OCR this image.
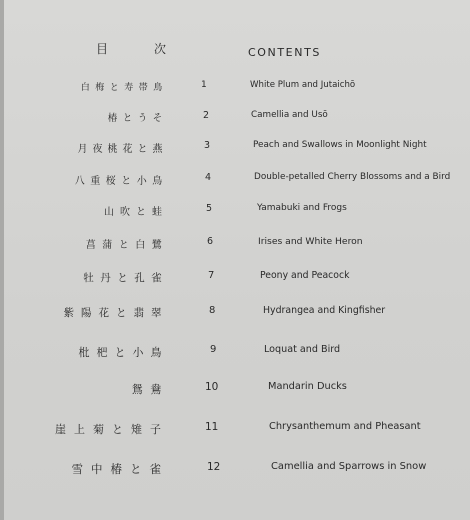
目	次	CONTENTS
白 梅 と 寿 帯 鳥	1	White Plum and Jutaichō
椿 と う そ	2	Camellia and Usō
月 夜 桃 花 と 燕	3	Peach and Swallows in Moonlight Night
八 重 桜 と 小 鳥	4	Double-petalled Cherry Blossoms and a Bird
山 吹 と 蛙	5	Yamabuki and Frogs
菖 蒲 と 白 鷺	6	Irises and White Heron
牡 丹 と 孔 雀	7	Peony and Peacock
紫 陽 花 と 翡 翠	8	Hydrangea and Kingfisher
枇 杷 と 小 鳥	9	Loquat and Bird
鴛 鴦	10	Mandarin Ducks
崖 上 菊 と 雉 子	11	Chrysanthemum and Pheasant
雪 中 椿 と 雀	12	Camellia and Sparrows in Snow
